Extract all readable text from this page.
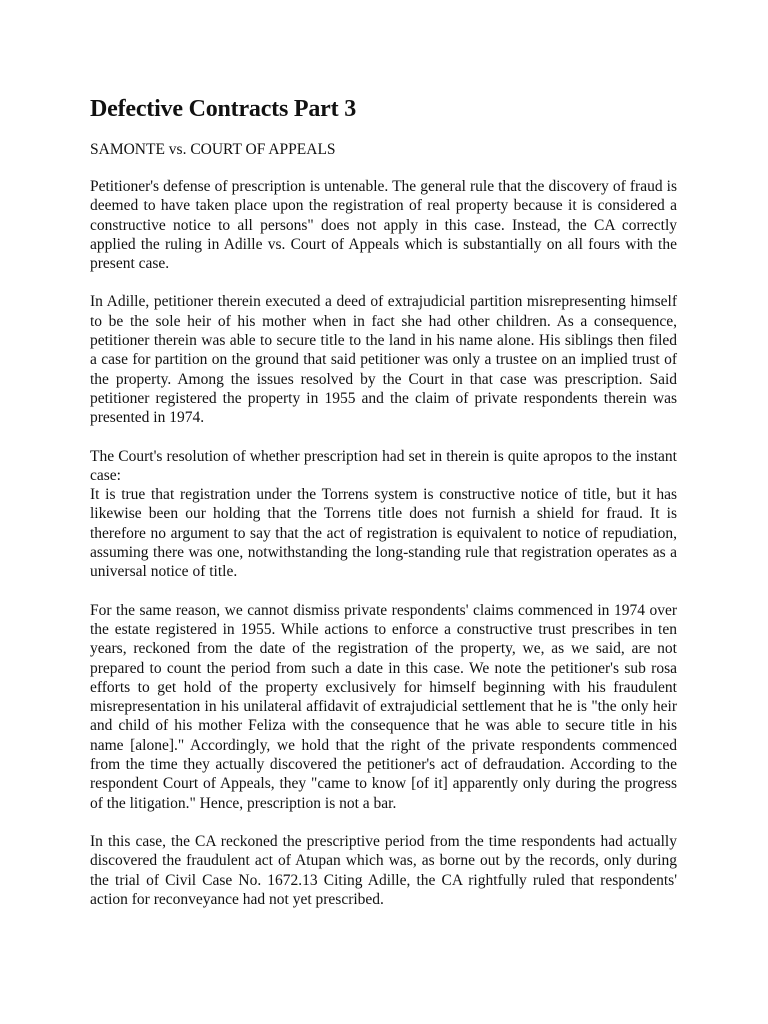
Defective Contracts Part 3

SAMONTE vs. COURT OF APPEALS

Petitioner's defense of prescription is untenable. The general rule that the discovery of fraud is deemed to have taken place upon the registration of real property because it is considered a constructive notice to all persons" does not apply in this case. Instead, the CA correctly applied the ruling in Adille vs. Court of Appeals which is substantially on all fours with the present case.

In Adille, petitioner therein executed a deed of extrajudicial partition misrepresenting himself to be the sole heir of his mother when in fact she had other children. As a consequence, petitioner therein was able to secure title to the land in his name alone. His siblings then filed a case for partition on the ground that said petitioner was only a trustee on an implied trust of the property. Among the issues resolved by the Court in that case was prescription. Said petitioner registered the property in 1955 and the claim of private respondents therein was presented in 1974.

The Court's resolution of whether prescription had set in therein is quite apropos to the instant case:

It is true that registration under the Torrens system is constructive notice of title, but it has likewise been our holding that the Torrens title does not furnish a shield for fraud. It is therefore no argument to say that the act of registration is equivalent to notice of repudiation, assuming there was one, notwithstanding the long-standing rule that registration operates as a universal notice of title.

For the same reason, we cannot dismiss private respondents' claims commenced in 1974 over the estate registered in 1955. While actions to enforce a constructive trust prescribes in ten years, reckoned from the date of the registration of the property, we, as we said, are not prepared to count the period from such a date in this case. We note the petitioner's sub rosa efforts to get hold of the property exclusively for himself beginning with his fraudulent misrepresentation in his unilateral affidavit of extrajudicial settlement that he is "the only heir and child of his mother Feliza with the consequence that he was able to secure title in his name [alone]." Accordingly, we hold that the right of the private respondents commenced from the time they actually discovered the petitioner's act of defraudation. According to the respondent Court of Appeals, they "came to know [of it] apparently only during the progress of the litigation." Hence, prescription is not a bar.

In this case, the CA reckoned the prescriptive period from the time respondents had actually discovered the fraudulent act of Atupan which was, as borne out by the records, only during the trial of Civil Case No. 1672.13 Citing Adille, the CA rightfully ruled that respondents' action for reconveyance had not yet prescribed.
